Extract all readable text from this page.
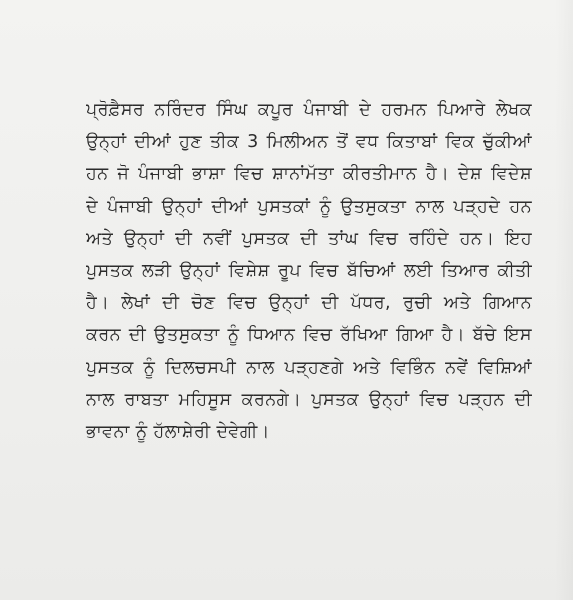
ਪ੍ਰੋਫ਼ੈਸਰ ਨਰਿੰਦਰ ਸਿੰਘ ਕਪੂਰ ਪੰਜਾਬੀ ਦੇ ਹਰਮਨ ਪਿਆਰੇ ਲੇਖਕ
ਉਨ੍ਹਾਂ ਦੀਆਂ ਹੁਣ ਤੀਕ 3 ਮਿਲੀਅਨ ਤੋਂ ਵਧ ਕਿਤਾਬਾਂ ਵਿਕ ਚੁੱਕੀਆਂ
ਹਨ ਜੋ ਪੰਜਾਬੀ ਭਾਸ਼ਾ ਵਿਚ ਸ਼ਾਨਾਂਮੱਤਾ ਕੀਰਤੀਮਾਨ ਹੈ। ਦੇਸ਼ ਵਿਦੇਸ਼
ਦੇ ਪੰਜਾਬੀ ਉਨ੍ਹਾਂ ਦੀਆਂ ਪੁਸਤਕਾਂ ਨੂੰ ਉਤਸੁਕਤਾ ਨਾਲ ਪੜ੍ਹਦੇ ਹਨ
ਅਤੇ ਉਨ੍ਹਾਂ ਦੀ ਨਵੀਂ ਪੁਸਤਕ ਦੀ ਤਾਂਘ ਵਿਚ ਰਹਿੰਦੇ ਹਨ। ਇਹ
ਪੁਸਤਕ ਲੜੀ ਉਨ੍ਹਾਂ ਵਿਸ਼ੇਸ਼ ਰੂਪ ਵਿਚ ਬੱਚਿਆਂ ਲਈ ਤਿਆਰ ਕੀਤੀ
ਹੈ। ਲੇਖਾਂ ਦੀ ਚੋਣ ਵਿਚ ਉਨ੍ਹਾਂ ਦੀ ਪੱਧਰ, ਰੁਚੀ ਅਤੇ ਗਿਆਨ
ਕਰਨ ਦੀ ਉਤਸੁਕਤਾ ਨੂੰ ਧਿਆਨ ਵਿਚ ਰੱਖਿਆ ਗਿਆ ਹੈ। ਬੱਚੇ ਇਸ
ਪੁਸਤਕ ਨੂੰ ਦਿਲਚਸਪੀ ਨਾਲ ਪੜ੍ਹਣਗੇ ਅਤੇ ਵਿਭਿੰਨ ਨਵੇਂ ਵਿਸ਼ਿਆਂ
ਨਾਲ ਰਾਬਤਾ ਮਹਿਸੂਸ ਕਰਨਗੇ। ਪੁਸਤਕ ਉਨ੍ਹਾਂ ਵਿਚ ਪੜ੍ਹਨ ਦੀ
ਭਾਵਨਾ ਨੂੰ ਹੱਲਾਸ਼ੇਰੀ ਦੇਵੇਗੀ।
